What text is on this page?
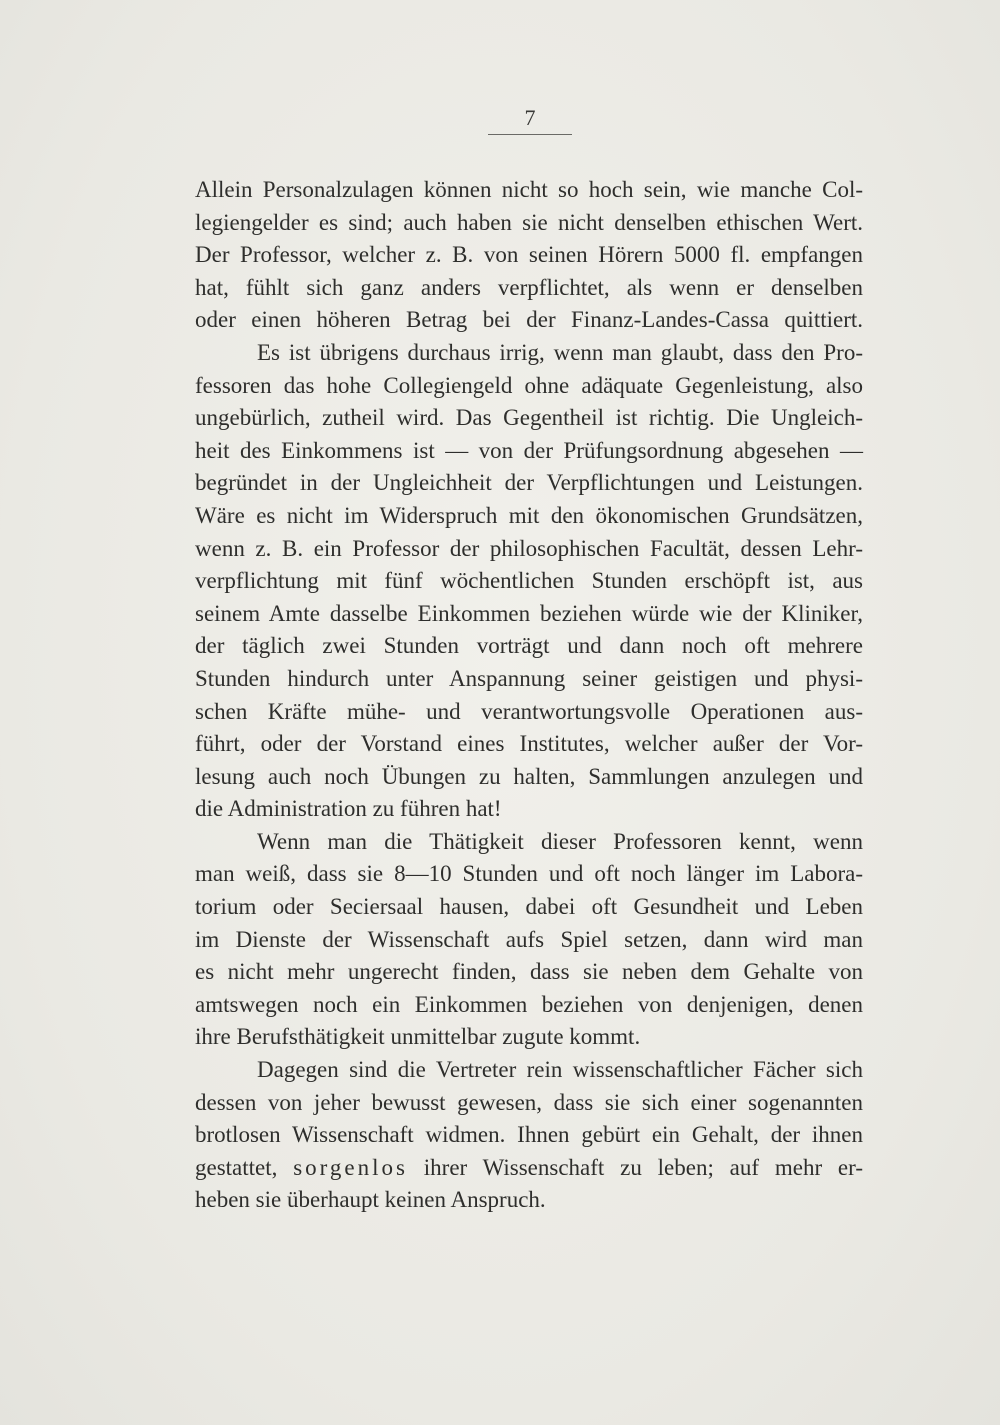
7
Allein Personalzulagen können nicht so hoch sein, wie manche Col-
legiengelder es sind; auch haben sie nicht denselben ethischen Wert.
Der Professor, welcher z. B. von seinen Hörern 5000 fl. empfangen
hat, fühlt sich ganz anders verpflichtet, als wenn er denselben
oder einen höheren Betrag bei der Finanz-Landes-Cassa quittiert.
Es ist übrigens durchaus irrig, wenn man glaubt, dass den Pro-
fessoren das hohe Collegiengeld ohne adäquate Gegenleistung, also
ungebürlich, zutheil wird. Das Gegentheil ist richtig. Die Ungleich-
heit des Einkommens ist — von der Prüfungsordnung abgesehen —
begründet in der Ungleichheit der Verpflichtungen und Leistungen.
Wäre es nicht im Widerspruch mit den ökonomischen Grundsätzen,
wenn z. B. ein Professor der philosophischen Facultät, dessen Lehr-
verpflichtung mit fünf wöchentlichen Stunden erschöpft ist, aus
seinem Amte dasselbe Einkommen beziehen würde wie der Kliniker,
der täglich zwei Stunden vorträgt und dann noch oft mehrere
Stunden hindurch unter Anspannung seiner geistigen und physi-
schen Kräfte mühe- und verantwortungsvolle Operationen aus-
führt, oder der Vorstand eines Institutes, welcher außer der Vor-
lesung auch noch Übungen zu halten, Sammlungen anzulegen und
die Administration zu führen hat!
Wenn man die Thätigkeit dieser Professoren kennt, wenn
man weiß, dass sie 8—10 Stunden und oft noch länger im Labora-
torium oder Seciersaal hausen, dabei oft Gesundheit und Leben
im Dienste der Wissenschaft aufs Spiel setzen, dann wird man
es nicht mehr ungerecht finden, dass sie neben dem Gehalte von
amtswegen noch ein Einkommen beziehen von denjenigen, denen
ihre Berufsthätigkeit unmittelbar zugute kommt.
Dagegen sind die Vertreter rein wissenschaftlicher Fächer sich
dessen von jeher bewusst gewesen, dass sie sich einer sogenannten
brotlosen Wissenschaft widmen. Ihnen gebürt ein Gehalt, der ihnen
gestattet, sorgenlos ihrer Wissenschaft zu leben; auf mehr er-
heben sie überhaupt keinen Anspruch.
